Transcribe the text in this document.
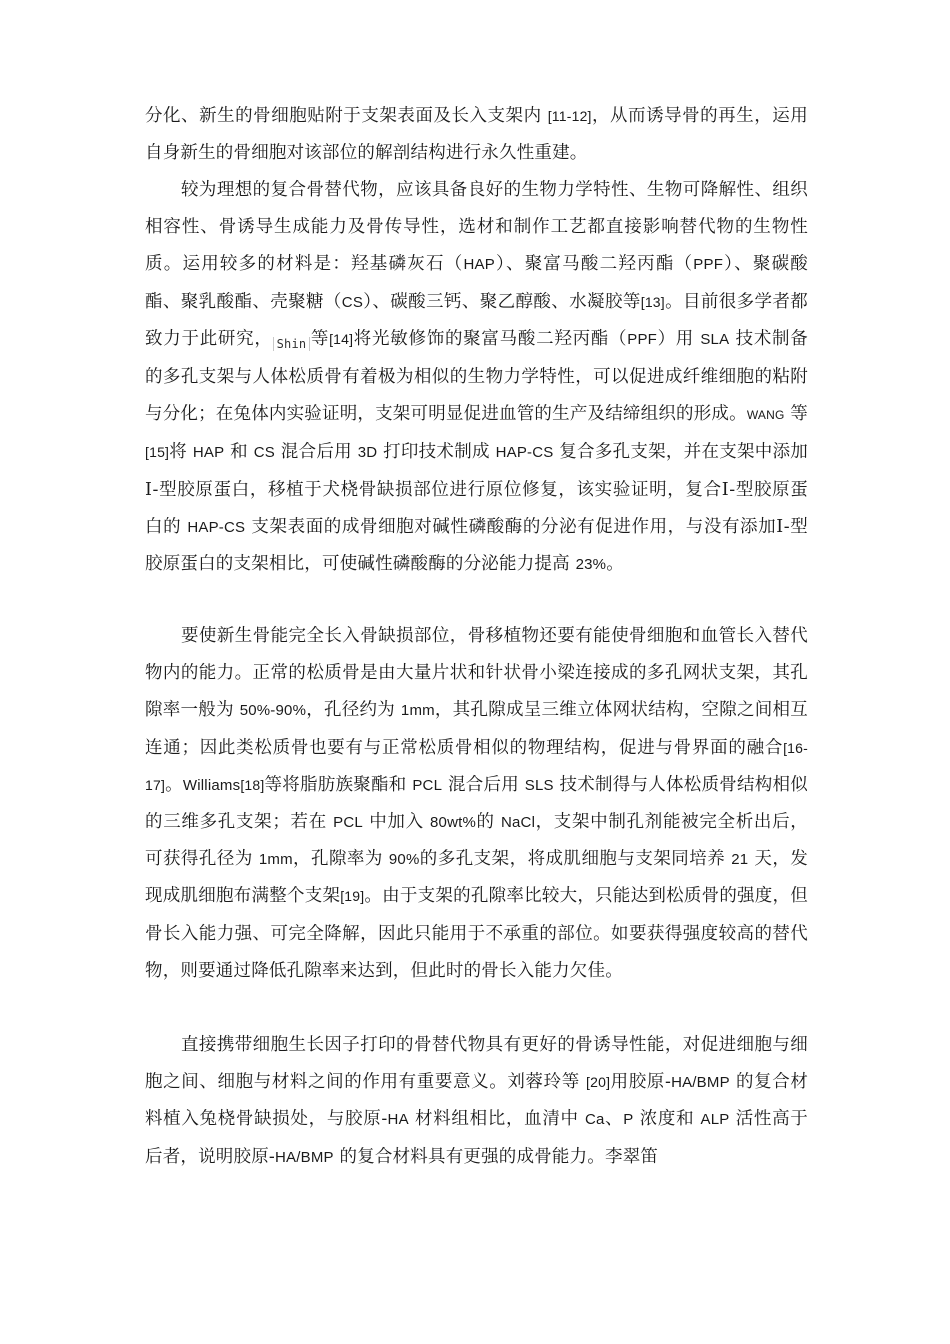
分化、新生的骨细胞贴附于支架表面及长入支架内 [11-12]，从而诱导骨的再生，运用自身新生的骨细胞对该部位的解剖结构进行永久性重建。

较为理想的复合骨替代物，应该具备良好的生物力学特性、生物可降解性、组织相容性、骨诱导生成能力及骨传导性，选材和制作工艺都直接影响替代物的生物性质。运用较多的材料是：羟基磷灰石（HAP）、聚富马酸二羟丙酯（PPF）、聚碳酸酯、聚乳酸酯、壳聚糖（CS）、碳酸三钙、聚乙醇酸、水凝胶等[13]。目前很多学者都致力于此研究， $_{Shin}$ 等[14]将光敏修饰的聚富马酸二羟丙酯（PPF）用 SLA 技术制备的多孔支架与人体松质骨有着极为相似的生物力学特性，可以促进成纤维细胞的粘附与分化；在兔体内实验证明，支架可明显促进血管的生产及结缔组织的形成。WANG 等[15]将 HAP 和 CS 混合后用 3D 打印技术制成 HAP-CS 复合多孔支架，并在支架中添加Ⅰ-型胶原蛋白，移植于犬桡骨缺损部位进行原位修复，该实验证明，复合Ⅰ-型胶原蛋白的 HAP-CS 支架表面的成骨细胞对碱性磷酸酶的分泌有促进作用，与没有添加Ⅰ-型胶原蛋白的支架相比，可使碱性磷酸酶的分泌能力提高 23%。

要使新生骨能完全长入骨缺损部位，骨移植物还要有能使骨细胞和血管长入替代物内的能力。正常的松质骨是由大量片状和针状骨小梁连接成的多孔网状支架，其孔隙率一般为 50%-90%，孔径约为 1mm，其孔隙成呈三维立体网状结构，空隙之间相互连通；因此类松质骨也要有与正常松质骨相似的物理结构，促进与骨界面的融合[16-17]。Williams[18]等将脂肪族聚酯和 PCL 混合后用 SLS 技术制得与人体松质骨结构相似的三维多孔支架；若在 PCL 中加入 80wt%的 NaCl，支架中制孔剂能被完全析出后，可获得孔径为 1mm，孔隙率为 90%的多孔支架，将成肌细胞与支架同培养 21 天，发现成肌细胞布满整个支架[19]。由于支架的孔隙率比较大，只能达到松质骨的强度，但骨长入能力强、可完全降解，因此只能用于不承重的部位。如要获得强度较高的替代物，则要通过降低孔隙率来达到，但此时的骨长入能力欠佳。

直接携带细胞生长因子打印的骨替代物具有更好的骨诱导性能，对促进细胞与细胞之间、细胞与材料之间的作用有重要意义。刘蓉玲等 [20]用胶原-HA/BMP 的复合材料植入兔桡骨缺损处，与胶原-HA 材料组相比，血清中 Ca、P 浓度和 ALP 活性高于后者，说明胶原-HA/BMP 的复合材料具有更强的成骨能力。李翠笛
